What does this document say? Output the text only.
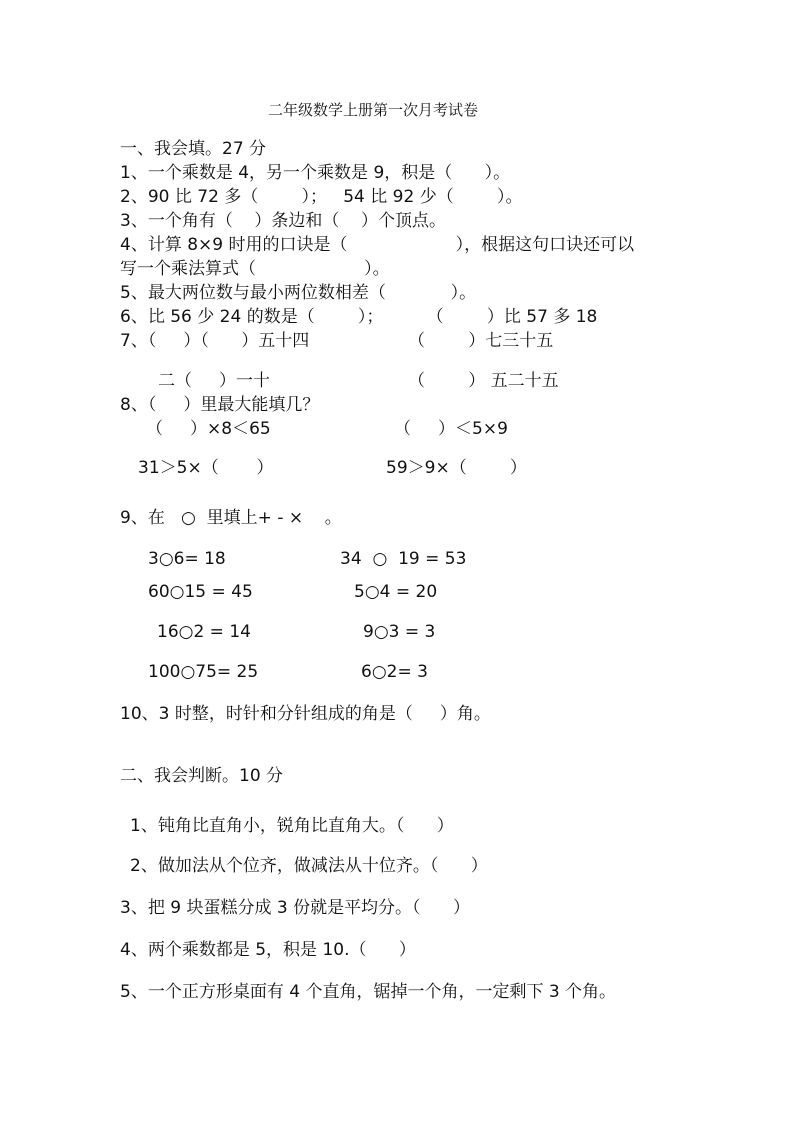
二年级数学上册第一次月考试卷
一、我会填。27 分
1、一个乘数是 4，另一个乘数是 9，积是（      ）。
2、90 比 72 多（        ）；   54 比 92 少（        ）。
3、一个角有（    ）条边和（    ）个顶点。
4、计算 8×9 时用的口诀是（                    ），根据这句口诀还可以
写一个乘法算式（                    ）。
5、最大两位数与最小两位数相差（            ）。
6、比 56 少 24 的数是（        ）；        （        ）比 57 多 18
7、（     ）（      ）五十四	（        ）七三十五
二（     ）一十	（        ） 五二十五
8、（     ）里最大能填几？
（     ）×8＜65	（     ）＜5×9
31＞5×（       ）	59＞9×（        ）
9、在   ○  里填上+ - ×    。
3○6= 18	34  ○  19 = 53
60○15 = 45	5○4 = 20
16○2 = 14	9○3 = 3
100○75= 25	6○2= 3
10、3 时整，时针和分针组成的角是（     ）角。
二、我会判断。10 分
1、钝角比直角小，锐角比直角大。（      ）
2、做加法从个位齐，做减法从十位齐。（      ）
3、把 9 块蛋糕分成 3 份就是平均分。（      ）
4、两个乘数都是 5，积是 10.（      ）
5、一个正方形桌面有 4 个直角，锯掉一个角，一定剩下 3 个角。
